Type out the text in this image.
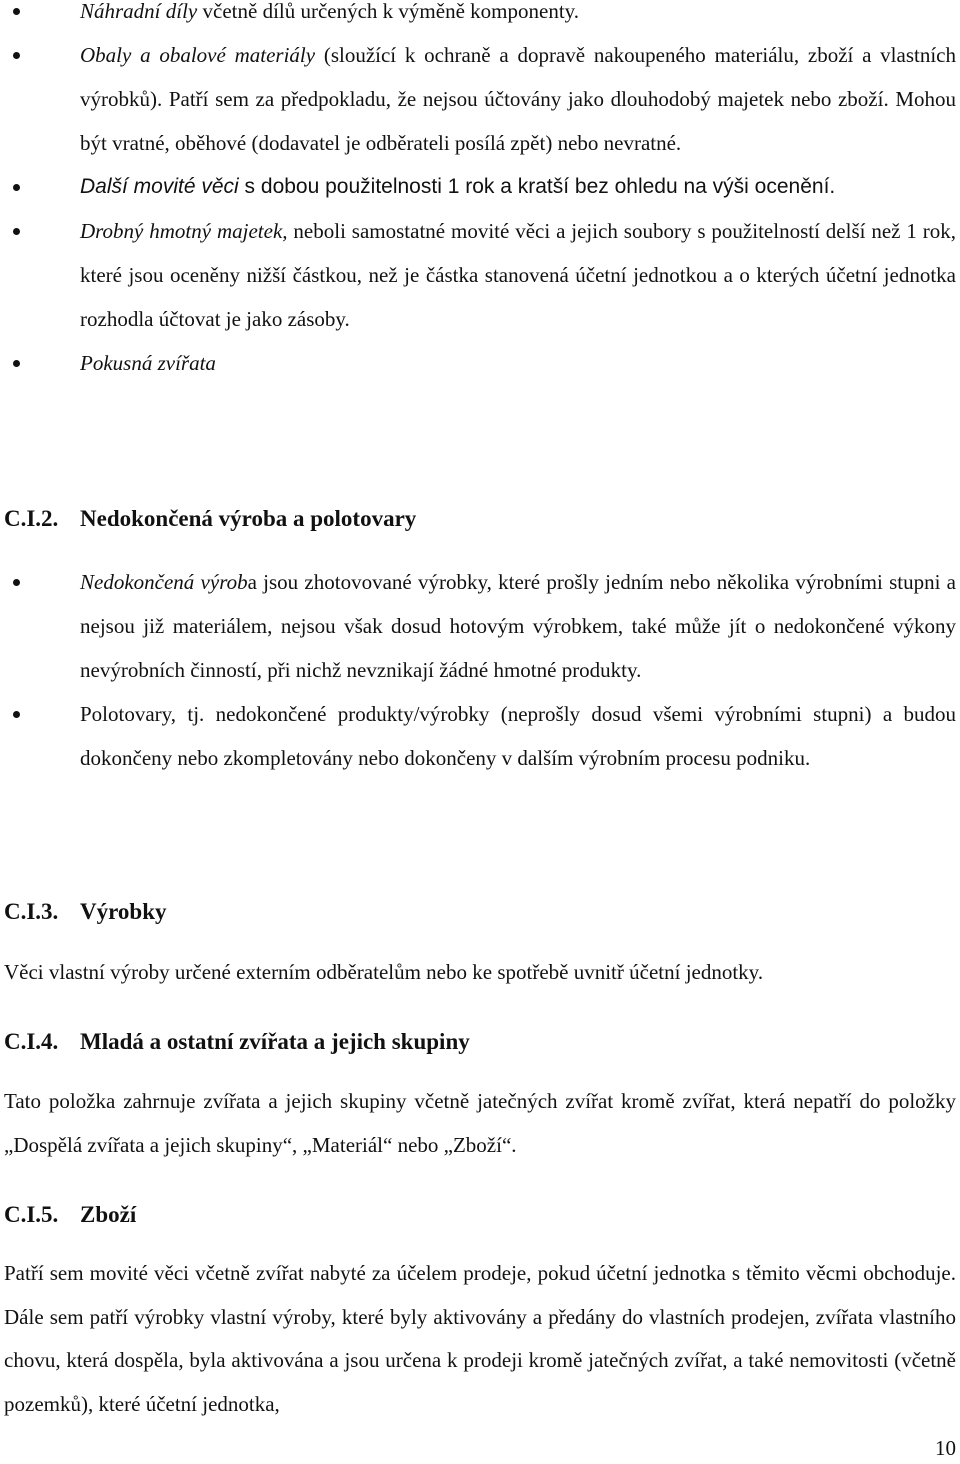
Náhradní díly včetně dílů určených k výměně komponenty.
Obaly a obalové materiály (sloužící k ochraně a dopravě nakoupeného materiálu, zboží a vlastních výrobků). Patří sem za předpokladu, že nejsou účtovány jako dlouhodobý majetek nebo zboží. Mohou být vratné, oběhové (dodavatel je odběrateli posílá zpět) nebo nevratné.
Další movité věci s dobou použitelnosti 1 rok a kratší bez ohledu na výši ocenění.
Drobný hmotný majetek, neboli samostatné movité věci a jejich soubory s použitelností delší než 1 rok, které jsou oceněny nižší částkou, než je částka stanovená účetní jednotkou a o kterých účetní jednotka rozhodla účtovat je jako zásoby.
Pokusná zvířata
C.I.2. Nedokončená výroba a polotovary
Nedokončená výroba jsou zhotovované výrobky, které prošly jedním nebo několika výrobními stupni a nejsou již materiálem, nejsou však dosud hotovým výrobkem, také může jít o nedokončené výkony nevýrobních činností, při nichž nevznikají žádné hmotné produkty.
Polotovary, tj. nedokončené produkty/výrobky (neprošly dosud všemi výrobními stupni) a budou dokončeny nebo zkompletovány nebo dokončeny v dalším výrobním procesu podniku.
C.I.3. Výrobky

Věci vlastní výroby určené externím odběratelům nebo ke spotřebě uvnitř účetní jednotky.

C.I.4. Mladá a ostatní zvířata a jejich skupiny

Tato položka zahrnuje zvířata a jejich skupiny včetně jatečných zvířat kromě zvířat, která nepatří do položky „Dospělá zvířata a jejich skupiny“, „Materiál“ nebo „Zboží“.

C.I.5. Zboží

Patří sem movité věci včetně zvířat nabyté za účelem prodeje, pokud účetní jednotka s těmito věcmi obchoduje. Dále sem patří výrobky vlastní výroby, které byly aktivovány a předány do vlastních prodejen, zvířata vlastního chovu, která dospěla, byla aktivována a jsou určena k prodeji kromě jatečných zvířat, a také nemovitosti (včetně pozemků), které účetní jednotka,

10
